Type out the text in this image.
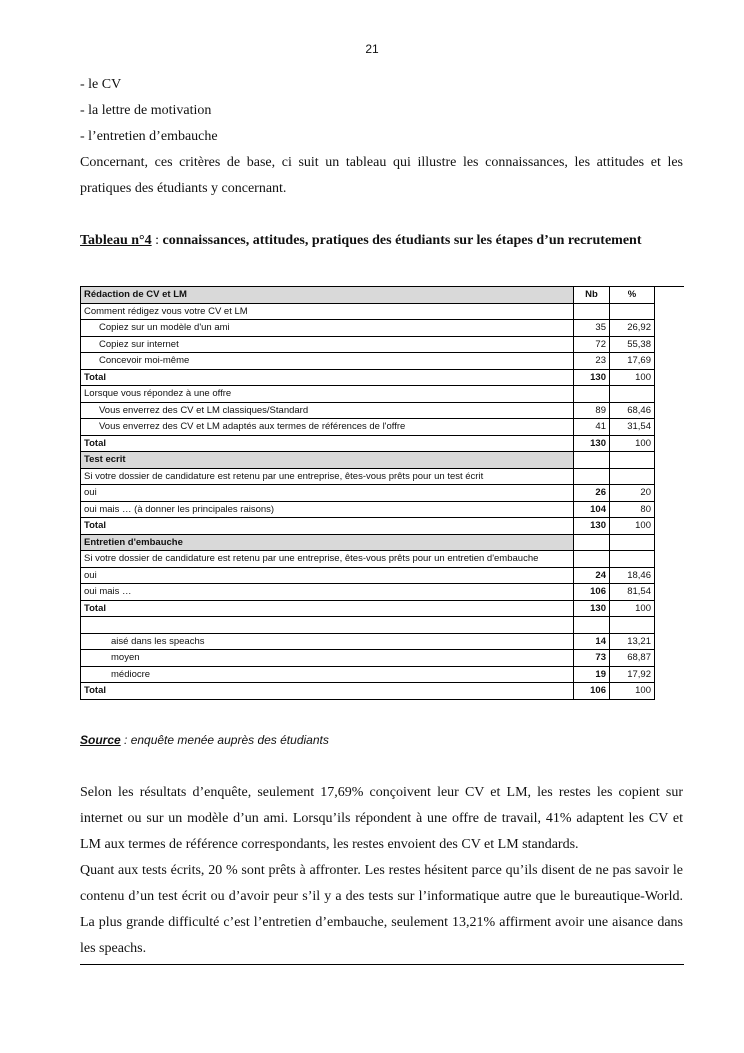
21

- le CV

- la lettre de motivation

- l’entretien d’embauche

Concernant, ces critères de base, ci suit un tableau qui illustre les connaissances, les attitudes et les pratiques des étudiants y concernant.

Tableau n°4 : connaissances, attitudes, pratiques des étudiants sur les étapes d’un recrutement
Rédaction de CV et LM	Nb	%
Comment rédigez vous votre CV et LM		
Copiez sur un modèle d'un ami	35	26,92
Copiez sur internet	72	55,38
Concevoir moi-même	23	17,69
Total	130	100
Lorsque vous répondez à une offre		
Vous enverrez des CV et LM classiques/Standard	89	68,46
Vous enverrez des CV et LM adaptés aux termes de références de l'offre	41	31,54
Total	130	100
Test ecrit		
Si votre dossier de candidature est retenu par une entreprise, êtes-vous prêts pour un test écrit		
oui	26	20
oui mais … (à donner les principales raisons)	104	80
Total	130	100
Entretien d'embauche		
Si votre dossier de candidature est retenu par une entreprise, êtes-vous prêts pour un entretien d'embauche		
oui	24	18,46
oui mais …	106	81,54
Total	130	100

aisé dans les speachs	14	13,21
moyen	73	68,87
médiocre	19	17,92
Total	106	100
Source : enquête menée auprès des étudiants

Selon les résultats d’enquête, seulement 17,69% conçoivent leur CV et LM, les restes les copient sur internet ou sur un modèle d’un ami. Lorsqu’ils répondent à une offre de travail, 41% adaptent les CV et LM aux termes de référence correspondants, les restes envoient des CV et LM standards.

Quant aux tests écrits, 20 % sont prêts à affronter. Les restes hésitent parce qu’ils disent de ne pas savoir le contenu d’un test écrit ou d’avoir peur s’il y a des tests sur l’informatique autre que le bureautique-World. La plus grande difficulté c’est l’entretien d’embauche, seulement 13,21% affirment avoir une aisance dans les speachs.
